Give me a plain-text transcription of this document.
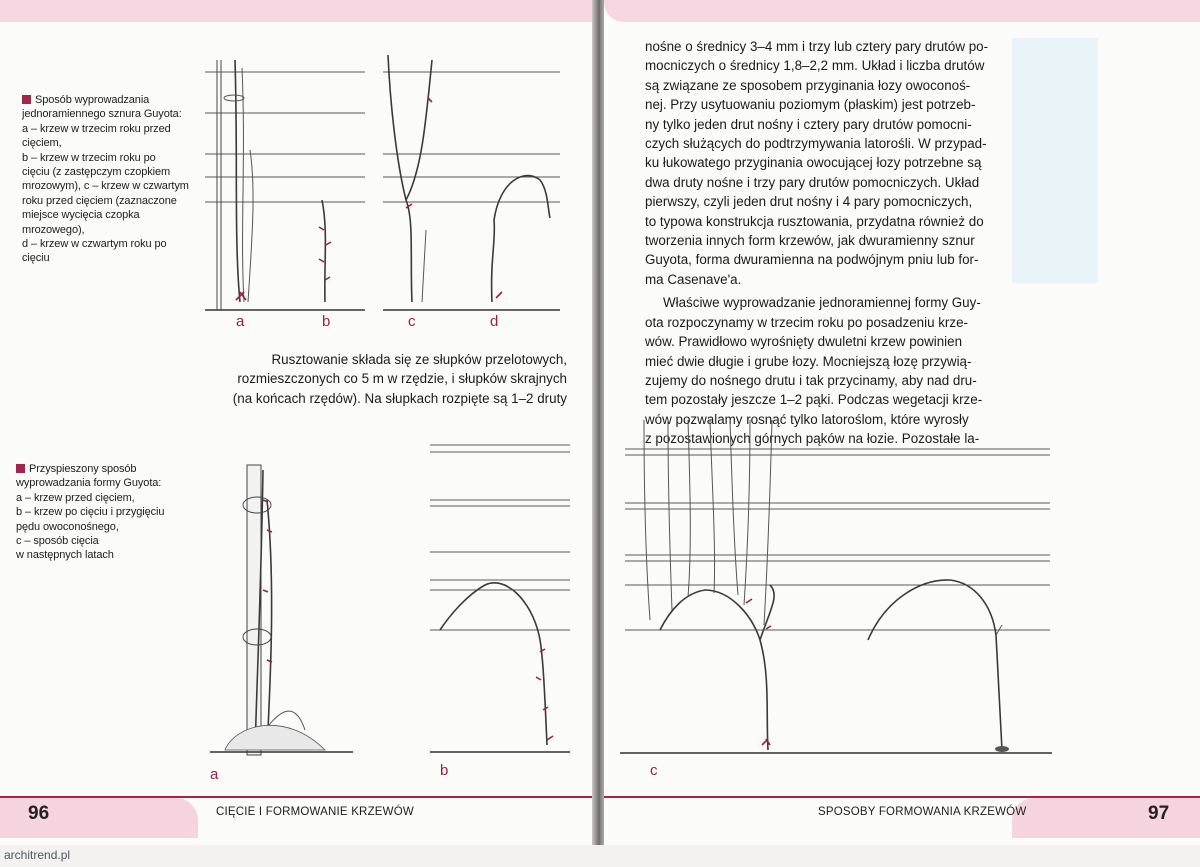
Sposób wyprowadzania
jednoramiennego sznura Guyota:
a – krzew w trzecim roku przed
cięciem,
b – krzew w trzecim roku po
cięciu (z zastępczym czopkiem
mrozowym), c – krzew w czwartym
roku przed cięciem (zaznaczone
miejsce wycięcia czopka
mrozowego),
d – krzew w czwartym roku po
cięciu
Przyspieszony sposób
wyprowadzania formy Guyota:
a – krzew przed cięciem,
b – krzew po cięciu i przygięciu
pędu owoconośnego,
c – sposób cięcia
w następnych latach
a	b	c	d

Rusztowanie składa się ze słupków przelotowych,

rozmieszczonych co 5 m w rzędzie, i słupków skrajnych

(na końcach rzędów). Na słupkach rozpięte są 1–2 druty

a	b
96	CIĘCIE I FORMOWANIE KRZEWÓW

nośne o średnicy 3–4 mm i trzy lub cztery pary drutów po-

mocniczych o średnicy 1,8–2,2 mm. Układ i liczba drutów

są związane ze sposobem przyginania łozy owoconoś-

nej. Przy usytuowaniu poziomym (płaskim) jest potrzeb-

ny tylko jeden drut nośny i cztery pary drutów pomocni-

czych służących do podtrzymywania latorośli. W przypad-

ku łukowatego przyginania owocującej łozy potrzebne są

dwa druty nośne i trzy pary drutów pomocniczych. Układ

pierwszy, czyli jeden drut nośny i 4 pary pomocniczych,

to typowa konstrukcja rusztowania, przydatna również do

tworzenia innych form krzewów, jak dwuramienny sznur

Guyota, forma dwuramienna na podwójnym pniu lub for-

ma Casenave'a.

Właściwe wyprowadzanie jednoramiennej formy Guy-

ota rozpoczynamy w trzecim roku po posadzeniu krze-

wów. Prawidłowo wyrośnięty dwuletni krzew powinien

mieć dwie długie i grube łozy. Mocniejszą łozę przywią-

zujemy do nośnego drutu i tak przycinamy, aby nad dru-

tem pozostały jeszcze 1–2 pąki. Podczas wegetacji krze-

wów pozwalamy rosnąć tylko latoroślom, które wyrosły

z pozostawionych górnych pąków na łozie. Pozostałe la-

c
SPOSOBY FORMOWANIA KRZEWÓW	97
architrend.pl
